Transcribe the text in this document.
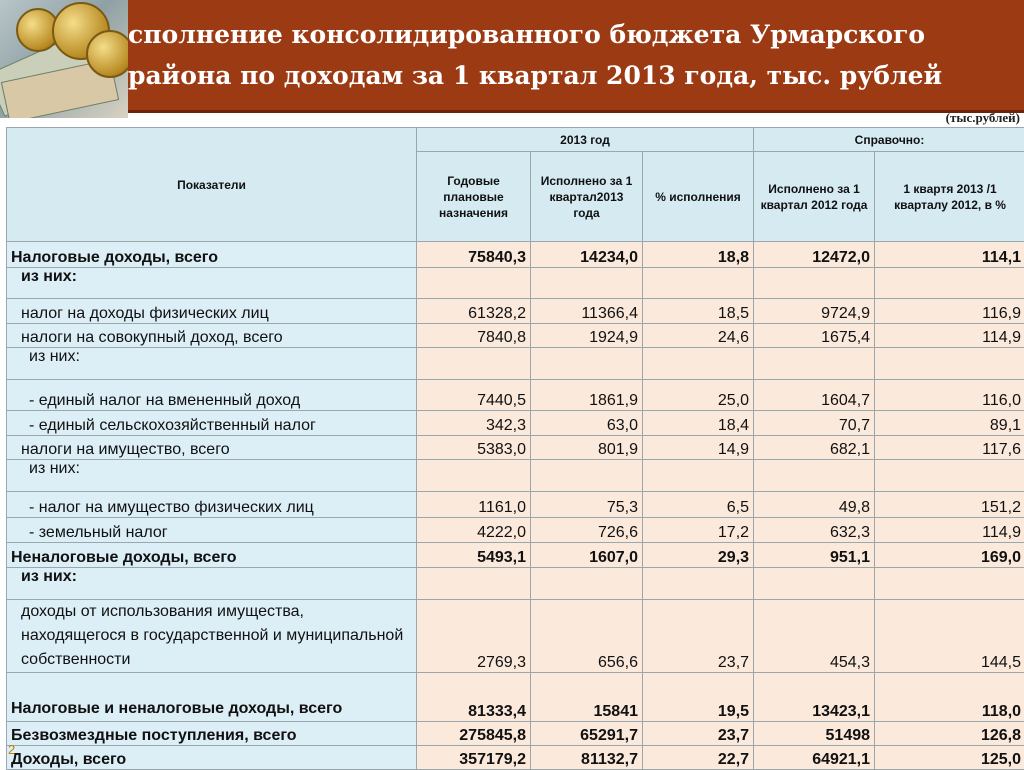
сполнение консолидированного бюджета Урмарского
района по доходам за 1 квартал 2013 года, тыс. рублей
(тыс.рублей)
Показатели	2013 год			Справочно:	
	Годовые плановые назначения	Исполнено за 1 квартал2013 года	% исполнения	Исполнено за 1 квартал 2012 года	1 квартя 2013 /1 кварталу 2012, в %
Налоговые доходы, всего	75840,3	14234,0	18,8	12472,0	114,1
из них:					
налог на доходы физических лиц	61328,2	11366,4	18,5	9724,9	116,9
налоги на совокупный доход, всего	7840,8	1924,9	24,6	1675,4	114,9
из них:					
- единый налог на вмененный доход	7440,5	1861,9	25,0	1604,7	116,0
- единый сельскохозяйственный налог	342,3	63,0	18,4	70,7	89,1
налоги на имущество, всего	5383,0	801,9	14,9	682,1	117,6
из них:					
- налог на имущество физических лиц	1161,0	75,3	6,5	49,8	151,2
- земельный налог	4222,0	726,6	17,2	632,3	114,9
Неналоговые доходы, всего	5493,1	1607,0	29,3	951,1	169,0
из них:					
доходы от использования имущества, находящегося в государственной и муниципальной собственности	2769,3	656,6	23,7	454,3	144,5
Налоговые и неналоговые доходы, всего	81333,4	15841	19,5	13423,1	118,0
Безвозмездные поступления, всего	275845,8	65291,7	23,7	51498	126,8
Доходы, всего	357179,2	81132,7	22,7	64921,1	125,0
2
